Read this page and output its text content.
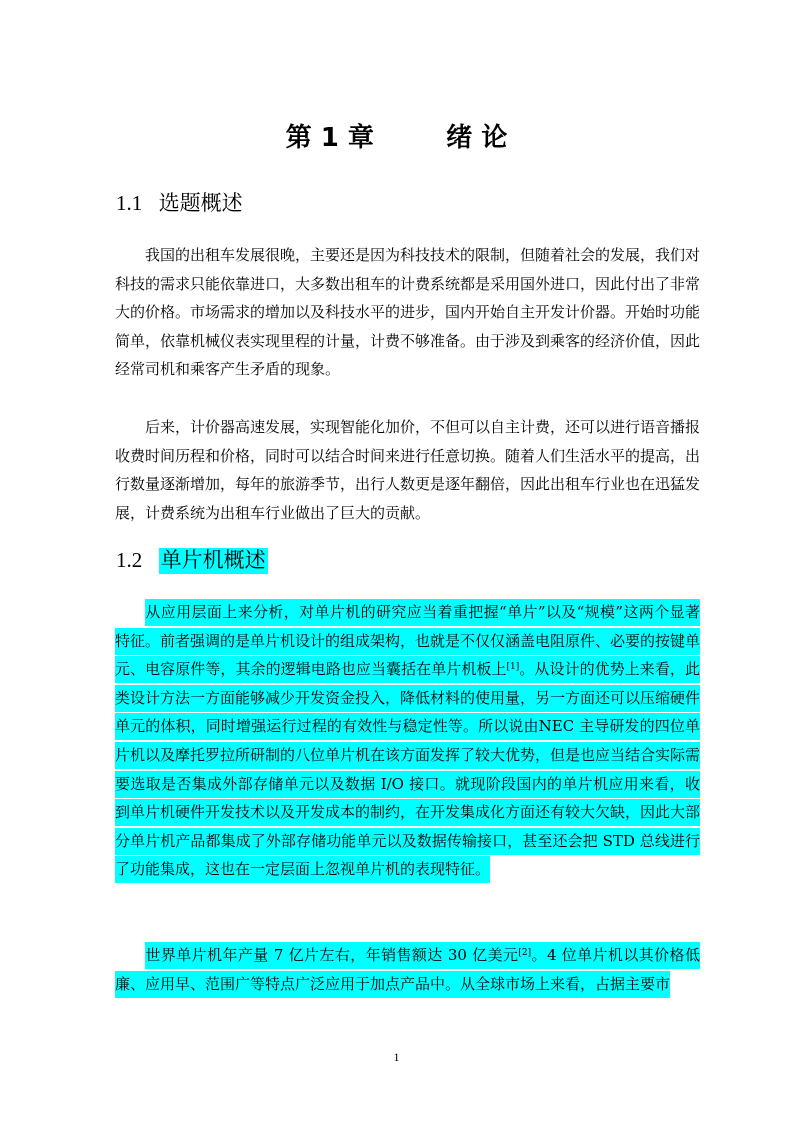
第 1 章        绪 论
1.1 选题概述

我国的出租车发展很晚，主要还是因为科技技术的限制，但随着社会的发展，我们对科技的需求只能依靠进口，大多数出租车的计费系统都是采用国外进口，因此付出了非常大的价格。市场需求的增加以及科技水平的进步，国内开始自主开发计价器。开始时功能简单，依靠机械仪表实现里程的计量，计费不够准备。由于涉及到乘客的经济价值，因此经常司机和乘客产生矛盾的现象。

后来，计价器高速发展，实现智能化加价，不但可以自主计费，还可以进行语音播报收费时间历程和价格，同时可以结合时间来进行任意切换。随着人们生活水平的提高，出行数量逐渐增加，每年的旅游季节，出行人数更是逐年翻倍，因此出租车行业也在迅猛发展，计费系统为出租车行业做出了巨大的贡献。

1.2 单片机概述

从应用层面上来分析，对单片机的研究应当着重把握“单片”以及“规模”这两个显著特征。前者强调的是单片机设计的组成架构，也就是不仅仅涵盖电阻原件、必要的按键单元、电容原件等，其余的逻辑电路也应当囊括在单片机板上[1]。从设计的优势上来看，此类设计方法一方面能够减少开发资金投入，降低材料的使用量，另一方面还可以压缩硬件单元的体积，同时增强运行过程的有效性与稳定性等。所以说由NEC 主导研发的四位单片机以及摩托罗拉所研制的八位单片机在该方面发挥了较大优势，但是也应当结合实际需要选取是否集成外部存储单元以及数据 I/O 接口。就现阶段国内的单片机应用来看，收到单片机硬件开发技术以及开发成本的制约，在开发集成化方面还有较大欠缺，因此大部分单片机产品都集成了外部存储功能单元以及数据传输接口，甚至还会把 STD 总线进行了功能集成，这也在一定层面上忽视单片机的表现特征。

世界单片机年产量 7 亿片左右，年销售额达 30 亿美元[2]。4 位单片机以其价格低廉、应用早、范围广等特点广泛应用于加点产品中。从全球市场上来看，占据主要市

1
